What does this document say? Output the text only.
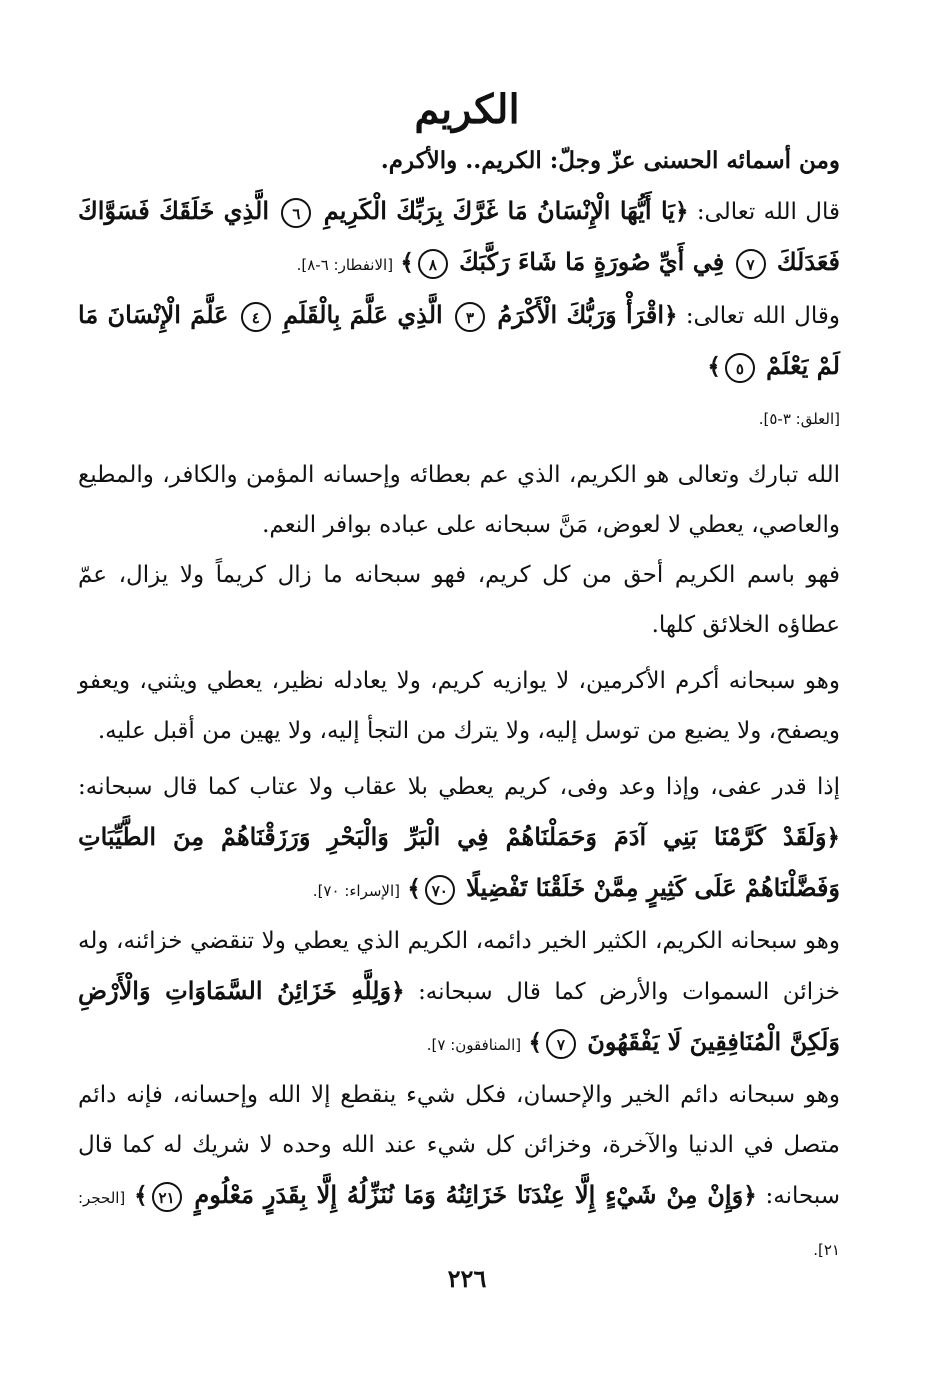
الكريم

ومن أسمائه الحسنى عزّ وجلّ: الكريم.. والأكرم.

قال الله تعالى: ﴿يَا أَيُّهَا الْإِنْسَانُ مَا غَرَّكَ بِرَبِّكَ الْكَرِيمِ ٦ الَّذِي خَلَقَكَ فَسَوَّاكَ فَعَدَلَكَ ٧ فِي أَيِّ صُورَةٍ مَا شَاءَ رَكَّبَكَ ٨﴾ [الانفطار: ٦-٨].

وقال الله تعالى: ﴿اقْرَأْ وَرَبُّكَ الْأَكْرَمُ ٣ الَّذِي عَلَّمَ بِالْقَلَمِ ٤ عَلَّمَ الْإِنْسَانَ مَا لَمْ يَعْلَمْ ٥﴾
[العلق: ٣-٥].

الله تبارك وتعالى هو الكريم، الذي عم بعطائه وإحسانه المؤمن والكافر، والمطيع والعاصي، يعطي لا لعوض، مَنَّ سبحانه على عباده بوافر النعم.

فهو باسم الكريم أحق من كل كريم، فهو سبحانه ما زال كريماً ولا يزال، عمّ عطاؤه الخلائق كلها.

وهو سبحانه أكرم الأكرمين، لا يوازيه كريم، ولا يعادله نظير، يعطي ويثني، ويعفو ويصفح، ولا يضيع من توسل إليه، ولا يترك من التجأ إليه، ولا يهين من أقبل عليه.

إذا قدر عفى، وإذا وعد وفى، كريم يعطي بلا عقاب ولا عتاب كما قال سبحانه: ﴿وَلَقَدْ كَرَّمْنَا بَنِي آدَمَ وَحَمَلْنَاهُمْ فِي الْبَرِّ وَالْبَحْرِ وَرَزَقْنَاهُمْ مِنَ الطَّيِّبَاتِ وَفَضَّلْنَاهُمْ عَلَى كَثِيرٍ مِمَّنْ خَلَقْنَا تَفْضِيلًا ٧٠﴾ [الإسراء: ٧٠].

وهو سبحانه الكريم، الكثير الخير دائمه، الكريم الذي يعطي ولا تنقضي خزائنه، وله خزائن السموات والأرض كما قال سبحانه: ﴿وَلِلَّهِ خَزَائِنُ السَّمَاوَاتِ وَالْأَرْضِ وَلَكِنَّ الْمُنَافِقِينَ لَا يَفْقَهُونَ ٧﴾ [المنافقون: ٧].

وهو سبحانه دائم الخير والإحسان، فكل شيء ينقطع إلا الله وإحسانه، فإنه دائم متصل في الدنيا والآخرة، وخزائن كل شيء عند الله وحده لا شريك له كما قال سبحانه: ﴿وَإِنْ مِنْ شَيْءٍ إِلَّا عِنْدَنَا خَزَائِنُهُ وَمَا نُنَزِّلُهُ إِلَّا بِقَدَرٍ مَعْلُومٍ ٢١﴾ [الحجر: ٢١].

٢٢٦
